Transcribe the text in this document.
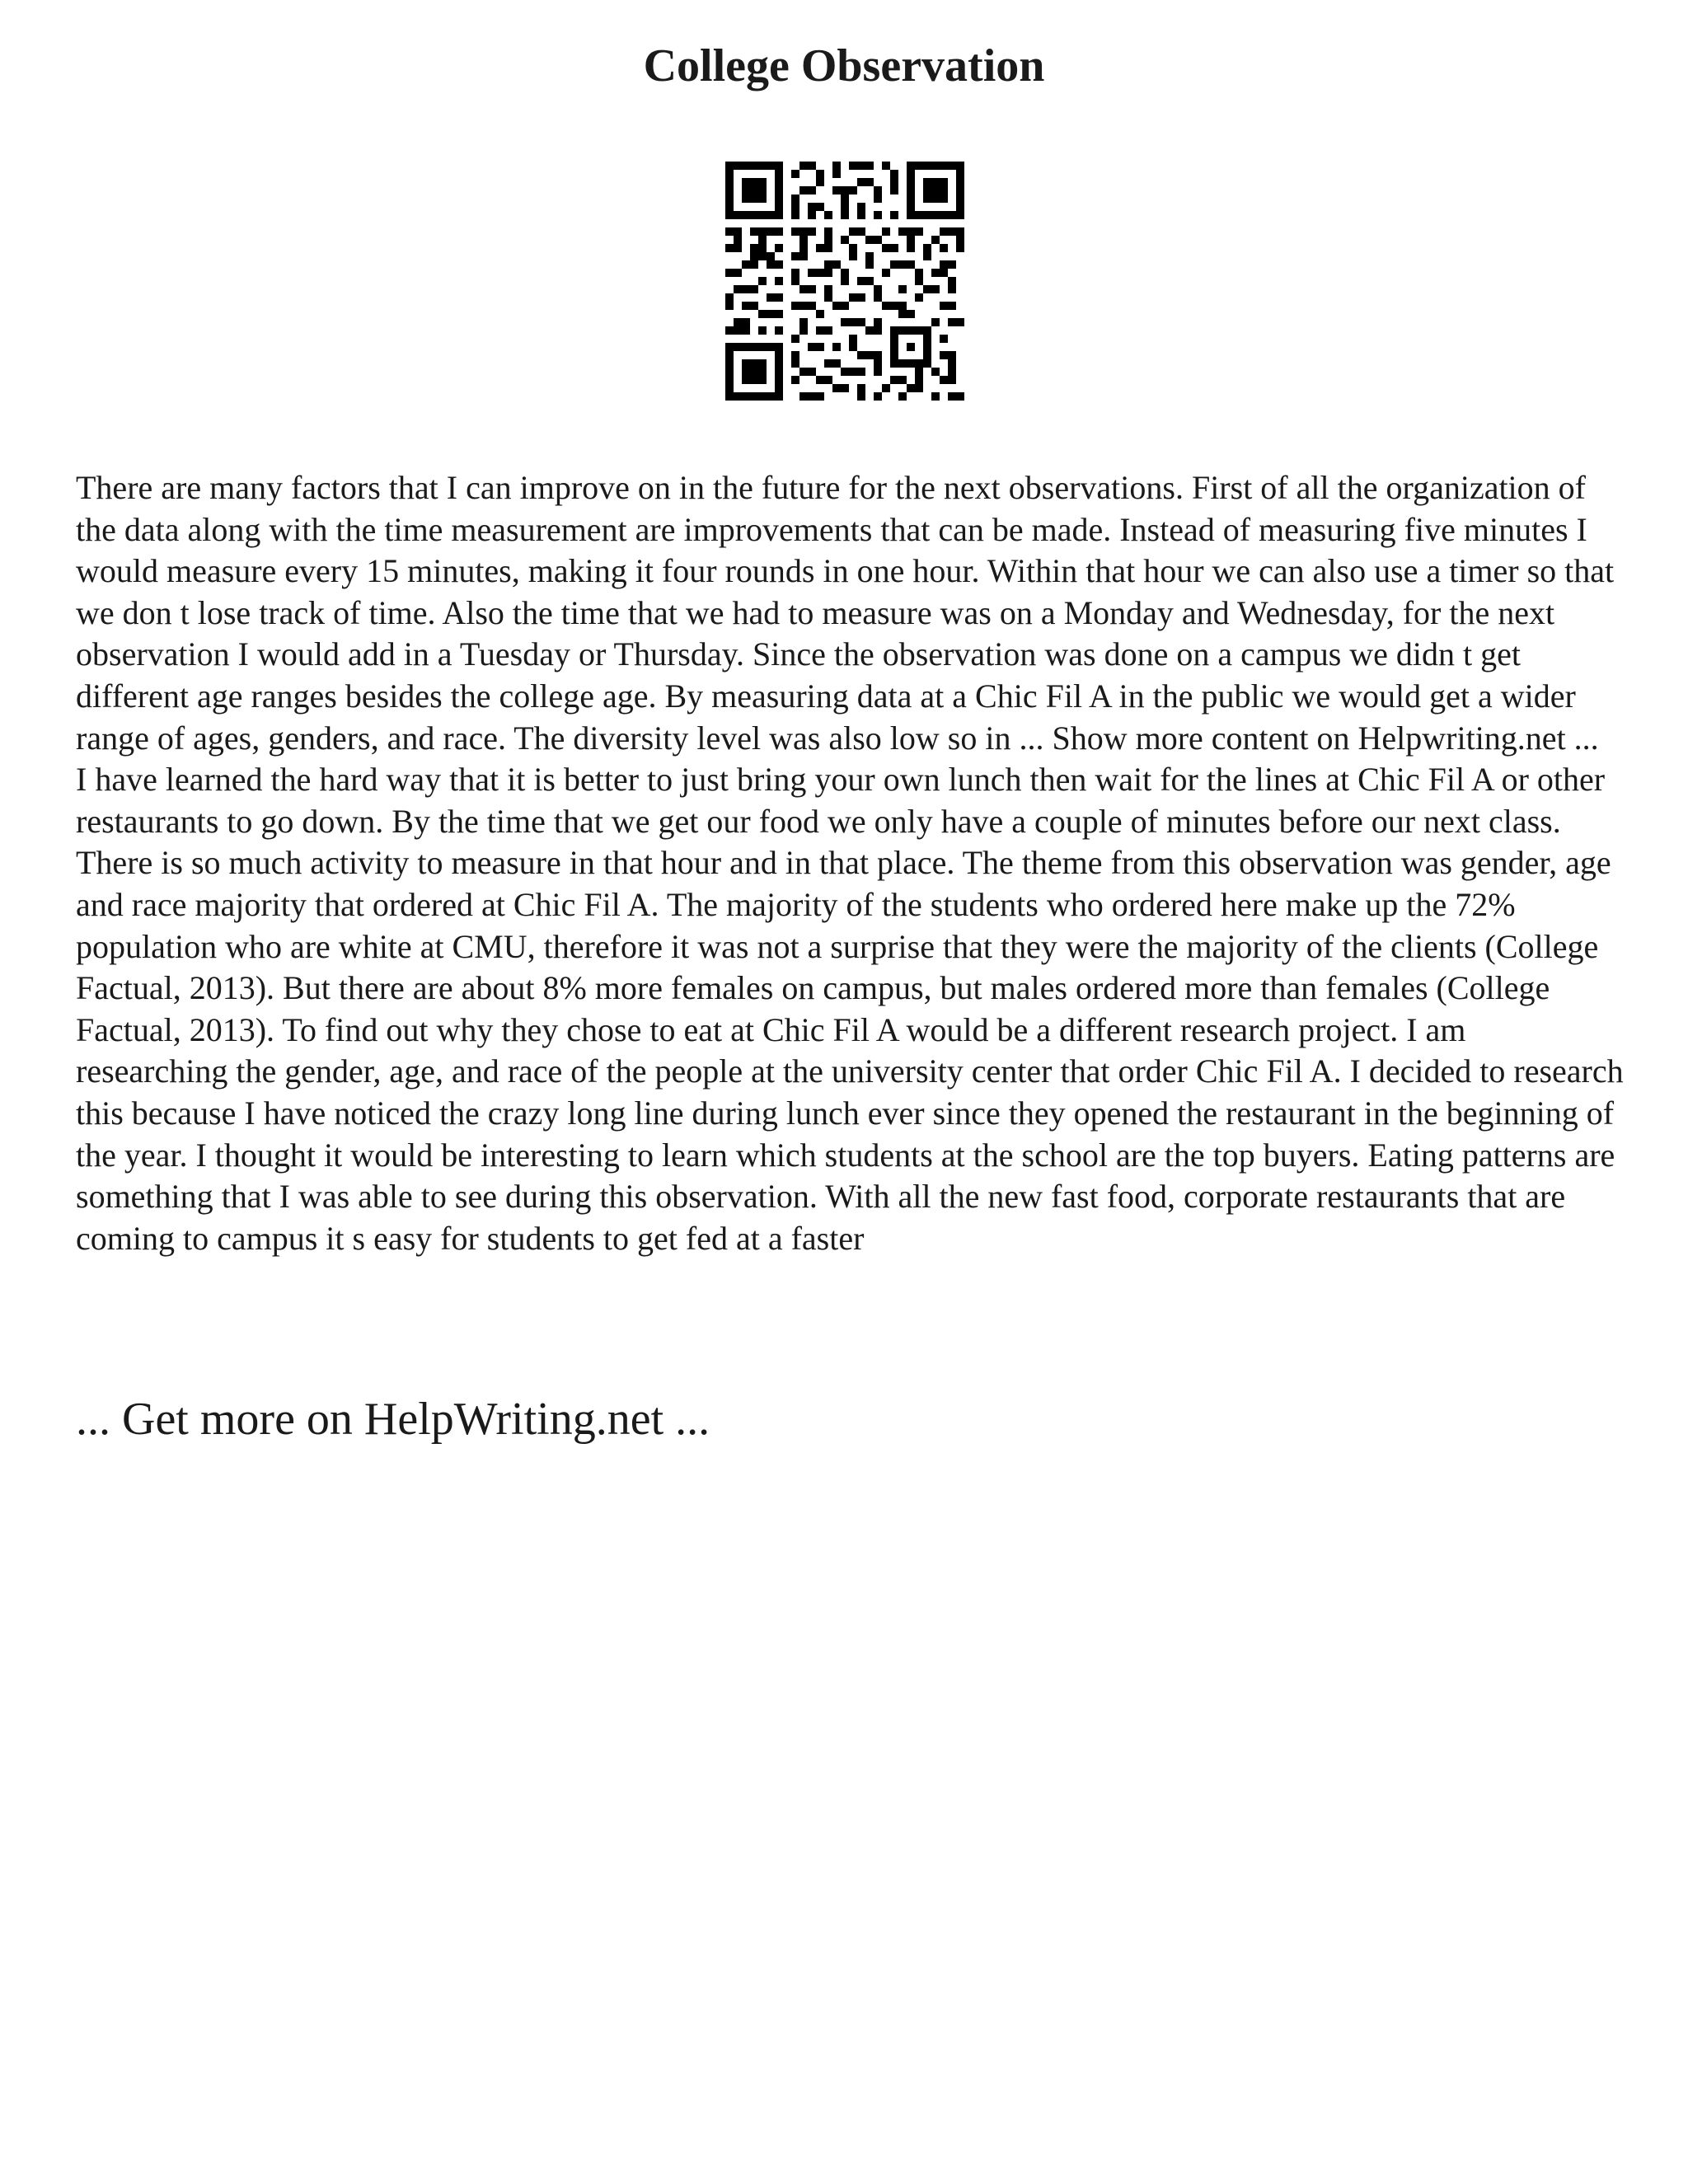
College Observation

There are many factors that I can improve on in the future for the next observations. First of all the organization of the data along with the time measurement are improvements that can be made. Instead of measuring five minutes I would measure every 15 minutes, making it four rounds in one hour. Within that hour we can also use a timer so that we don t lose track of time. Also the time that we had to measure was on a Monday and Wednesday, for the next observation I would add in a Tuesday or Thursday. Since the observation was done on a campus we didn t get different age ranges besides the college age. By measuring data at a Chic Fil A in the public we would get a wider range of ages, genders, and race. The diversity level was also low so in ... Show more content on Helpwriting.net ...

I have learned the hard way that it is better to just bring your own lunch then wait for the lines at Chic Fil A or other restaurants to go down. By the time that we get our food we only have a couple of minutes before our next class. There is so much activity to measure in that hour and in that place. The theme from this observation was gender, age and race majority that ordered at Chic Fil A. The majority of the students who ordered here make up the 72% population who are white at CMU, therefore it was not a surprise that they were the majority of the clients (College Factual, 2013). But there are about 8% more females on campus, but males ordered more than females (College Factual, 2013). To find out why they chose to eat at Chic Fil A would be a different research project. I am researching the gender, age, and race of the people at the university center that order Chic Fil A. I decided to research this because I have noticed the crazy long line during lunch ever since they opened the restaurant in the beginning of the year. I thought it would be interesting to learn which students at the school are the top buyers. Eating patterns are something that I was able to see during this observation. With all the new fast food, corporate restaurants that are coming to campus it s easy for students to get fed at a faster

... Get more on HelpWriting.net ...
